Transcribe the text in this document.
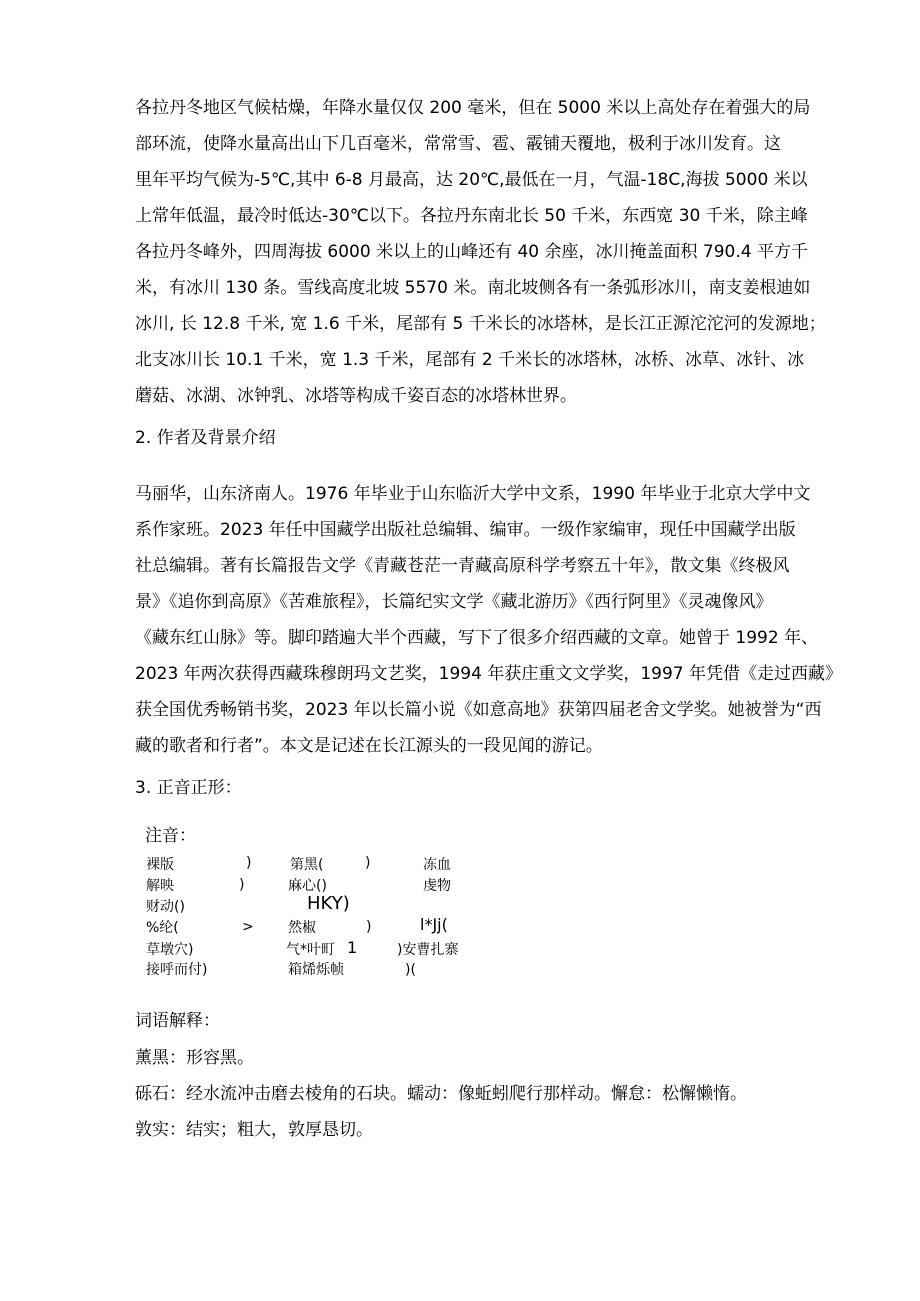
各拉丹冬地区气候枯燥，年降水量仅仅 200 毫米，但在 5000 米以上高处存在着强大的局
部环流，使降水量高出山下几百毫米，常常雪、雹、霰铺天覆地，极利于冰川发育。这
里年平均气候为-5℃,其中 6-8 月最高，达 20℃,最低在一月，气温-18C,海拔 5000 米以
上常年低温，最冷时低达-30℃以下。各拉丹东南北长 50 千米，东西宽 30 千米，除主峰
各拉丹冬峰外，四周海拔 6000 米以上的山峰还有 40 余座，冰川掩盖面积 790.4 平方千
米，有冰川 130 条。雪线高度北坡 5570 米。南北坡侧各有一条弧形冰川，南支姜根迪如
冰川, 长 12.8 千米, 宽 1.6 千米，尾部有 5 千米长的冰塔林，是长江正源沱沱河的发源地；
北支冰川长 10.1 千米，宽 1.3 千米，尾部有 2 千米长的冰塔林，冰桥、冰草、冰针、冰
蘑菇、冰湖、冰钟乳、冰塔等构成千姿百态的冰塔林世界。
2. 作者及背景介绍
马丽华，山东济南人。1976 年毕业于山东临沂大学中文系，1990 年毕业于北京大学中文
系作家班。2023 年任中国藏学出版社总编辑、编审。一级作家编审，现任中国藏学出版
社总编辑。著有长篇报告文学《青藏苍茫一青藏高原科学考察五十年》，散文集《终极风
景》《追你到高原》《苦难旅程》，长篇纪实文学《藏北游历》《西行阿里》《灵魂像风》
《藏东红山脉》等。脚印踏遍大半个西藏，写下了很多介绍西藏的文章。她曾于 1992 年、
2023 年两次获得西藏珠穆朗玛文艺奖，1994 年获庄重文文学奖，1997 年凭借《走过西藏》
获全国优秀畅销书奖，2023 年以长篇小说《如意高地》获第四届老舍文学奖。她被誉为“西
藏的歌者和行者”。本文是记述在长江源头的一段见闻的游记。
3. 正音正形：
注音：
裸版	)	第黑(	)	冻血
解映	)	麻心()	虔物
财动()	HKY)
%纶(	> 然椒	)	l*Jj(
草墩穴)	气*叶町 1	)安曹扎寨
接呼而付)	箱烯烁帧	)(
词语解释：
薰黑：形容黑。
砾石：经水流冲击磨去棱角的石块。蠕动：像蚯蚓爬行那样动。懈怠：松懈懒惰。
敦实：结实；粗大，敦厚恳切。
